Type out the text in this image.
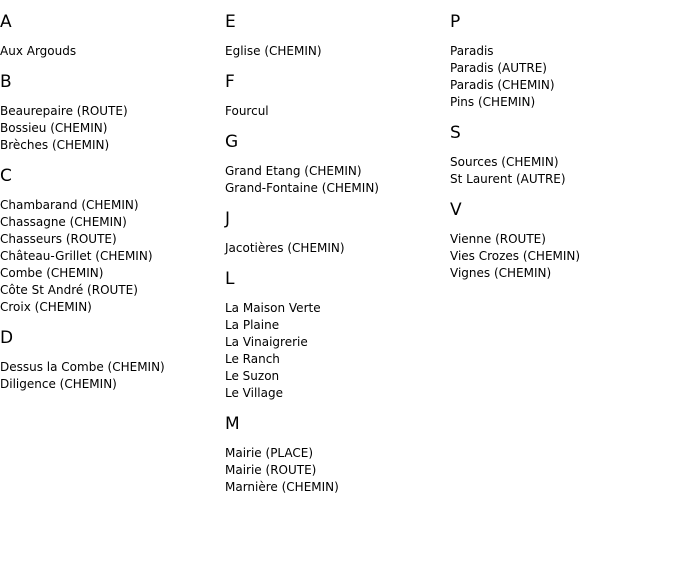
A
Aux Argouds
B
Beaurepaire (ROUTE)
Bossieu (CHEMIN)
Brèches (CHEMIN)
C
Chambarand (CHEMIN)
Chassagne (CHEMIN)
Chasseurs (ROUTE)
Château-Grillet (CHEMIN)
Combe (CHEMIN)
Côte St André (ROUTE)
Croix (CHEMIN)
D
Dessus la Combe (CHEMIN)
Diligence (CHEMIN)
E
Eglise (CHEMIN)
F
Fourcul
G
Grand Etang (CHEMIN)
Grand-Fontaine (CHEMIN)
J
Jacotières (CHEMIN)
L
La Maison Verte
La Plaine
La Vinaigrerie
Le Ranch
Le Suzon
Le Village
M
Mairie (PLACE)
Mairie (ROUTE)
Marnière (CHEMIN)
P
Paradis
Paradis (AUTRE)
Paradis (CHEMIN)
Pins (CHEMIN)
S
Sources (CHEMIN)
St Laurent (AUTRE)
V
Vienne (ROUTE)
Vies Crozes (CHEMIN)
Vignes (CHEMIN)
